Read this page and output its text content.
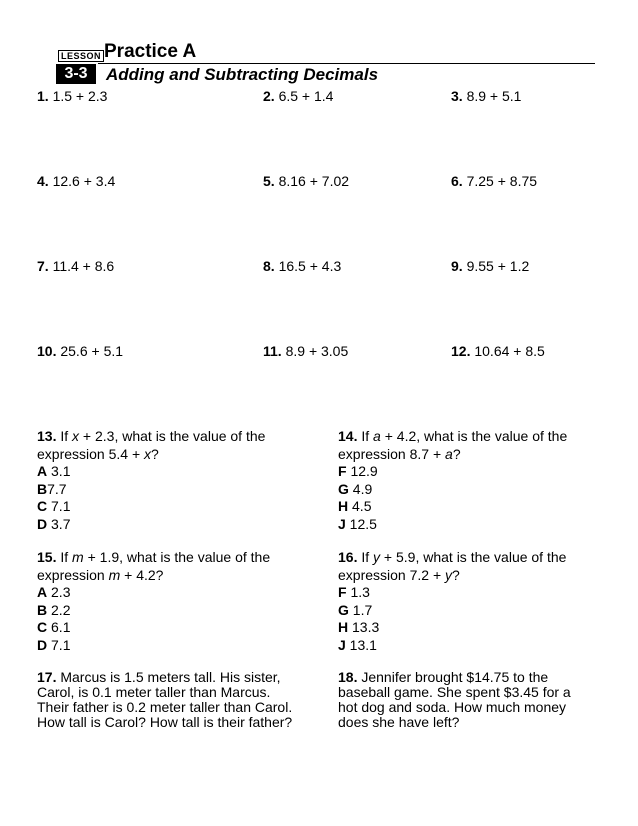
LESSON
3-3
Practice A
Adding and Subtracting Decimals
1. 1.5 + 2.3	2. 6.5 + 1.4	3. 8.9 + 5.1
4. 12.6 + 3.4	5. 8.16 + 7.02	6. 7.25 + 8.75
7. 11.4 + 8.6	8. 16.5 + 4.3	9. 9.55 + 1.2
10. 25.6 + 5.1	11. 8.9 + 3.05	12. 10.64 + 8.5
13. If x + 2.3, what is the value of the expression 5.4 + x?
A 3.1
B7.7
C 7.1
D 3.7
14. If a + 4.2, what is the value of the expression 8.7 + a?
F 12.9
G 4.9
H 4.5
J 12.5
15. If m + 1.9, what is the value of the expression m + 4.2?
A 2.3
B 2.2
C 6.1
D 7.1
16. If y + 5.9, what is the value of the expression 7.2 + y?
F 1.3
G 1.7
H 13.3
J 13.1
17. Marcus is 1.5 meters tall. His sister, Carol, is 0.1 meter taller than Marcus. Their father is 0.2 meter taller than Carol. How tall is Carol? How tall is their father?
18. Jennifer brought $14.75 to the baseball game. She spent $3.45 for a hot dog and soda. How much money does she have left?
